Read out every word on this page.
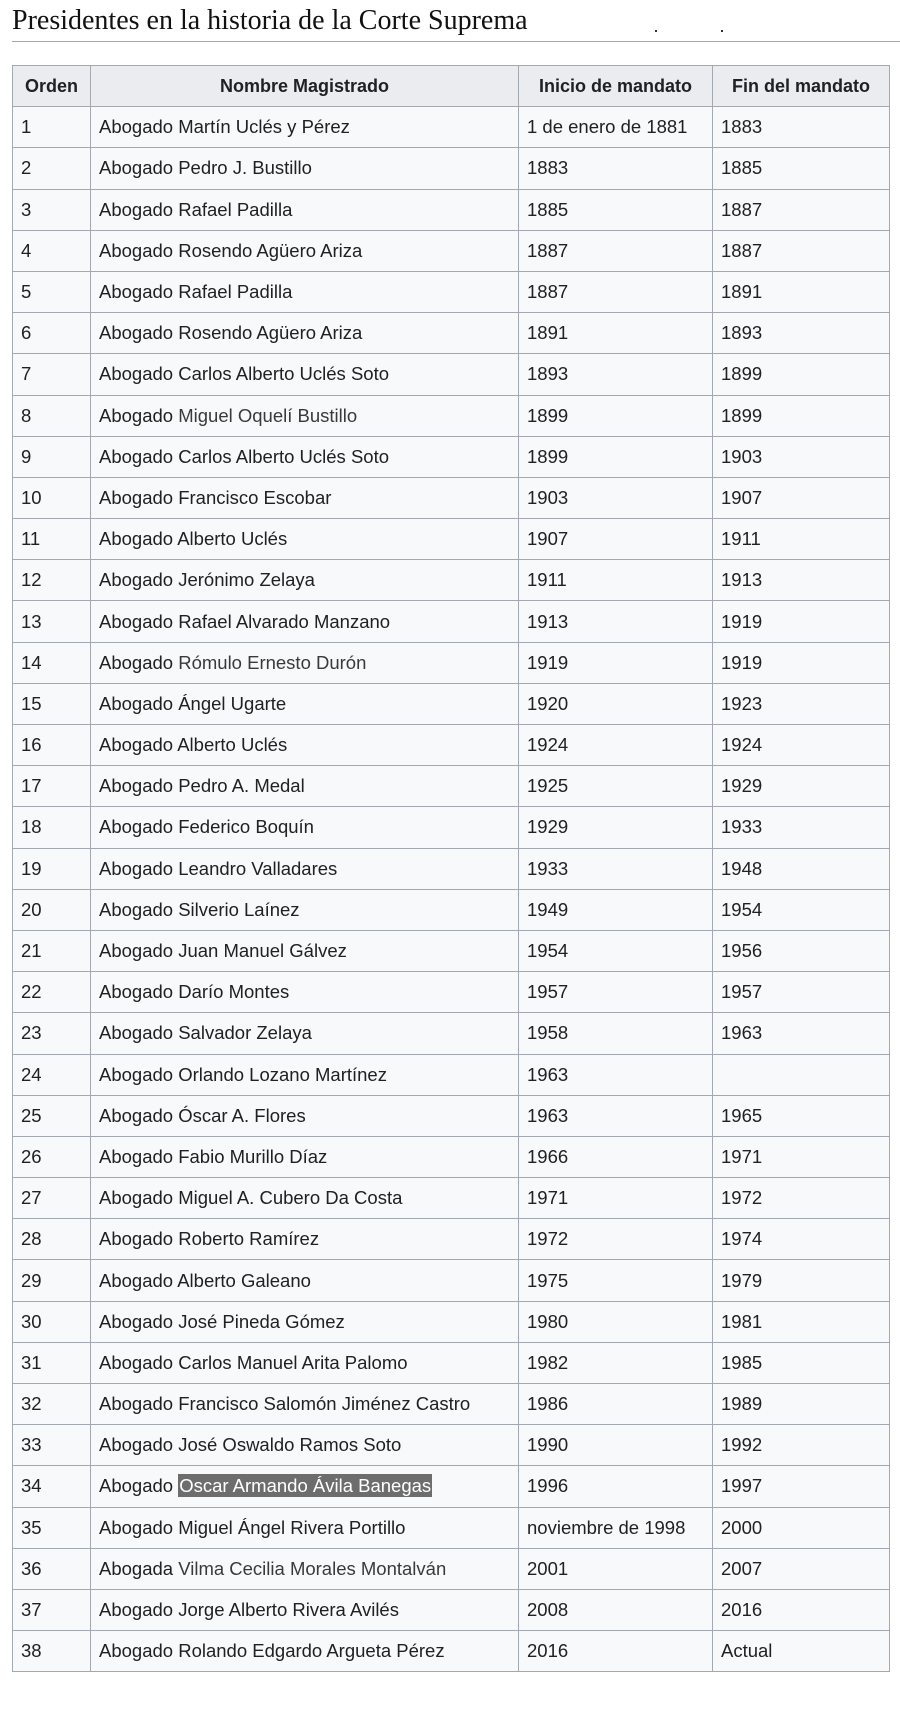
Presidentes en la historia de la Corte Suprema
Orden	Nombre Magistrado	Inicio de mandato	Fin del mandato
1	Abogado Martín Uclés y Pérez	1 de enero de 1881	1883
2	Abogado Pedro J. Bustillo	1883	1885
3	Abogado Rafael Padilla	1885	1887
4	Abogado Rosendo Agüero Ariza	1887	1887
5	Abogado Rafael Padilla	1887	1891
6	Abogado Rosendo Agüero Ariza	1891	1893
7	Abogado Carlos Alberto Uclés Soto	1893	1899
8	Abogado Miguel Oquelí Bustillo	1899	1899
9	Abogado Carlos Alberto Uclés Soto	1899	1903
10	Abogado Francisco Escobar	1903	1907
11	Abogado Alberto Uclés	1907	1911
12	Abogado Jerónimo Zelaya	1911	1913
13	Abogado Rafael Alvarado Manzano	1913	1919
14	Abogado Rómulo Ernesto Durón	1919	1919
15	Abogado Ángel Ugarte	1920	1923
16	Abogado Alberto Uclés	1924	1924
17	Abogado Pedro A. Medal	1925	1929
18	Abogado Federico Boquín	1929	1933
19	Abogado Leandro Valladares	1933	1948
20	Abogado Silverio Laínez	1949	1954
21	Abogado Juan Manuel Gálvez	1954	1956
22	Abogado Darío Montes	1957	1957
23	Abogado Salvador Zelaya	1958	1963
24	Abogado Orlando Lozano Martínez	1963	
25	Abogado Óscar A. Flores	1963	1965
26	Abogado Fabio Murillo Díaz	1966	1971
27	Abogado Miguel A. Cubero Da Costa	1971	1972
28	Abogado Roberto Ramírez	1972	1974
29	Abogado Alberto Galeano	1975	1979
30	Abogado José Pineda Gómez	1980	1981
31	Abogado Carlos Manuel Arita Palomo	1982	1985
32	Abogado Francisco Salomón Jiménez Castro	1986	1989
33	Abogado José Oswaldo Ramos Soto	1990	1992
34	Abogado Oscar Armando Ávila Banegas	1996	1997
35	Abogado Miguel Ángel Rivera Portillo	noviembre de 1998	2000
36	Abogada Vilma Cecilia Morales Montalván	2001	2007
37	Abogado Jorge Alberto Rivera Avilés	2008	2016
38	Abogado Rolando Edgardo Argueta Pérez	2016	Actual
